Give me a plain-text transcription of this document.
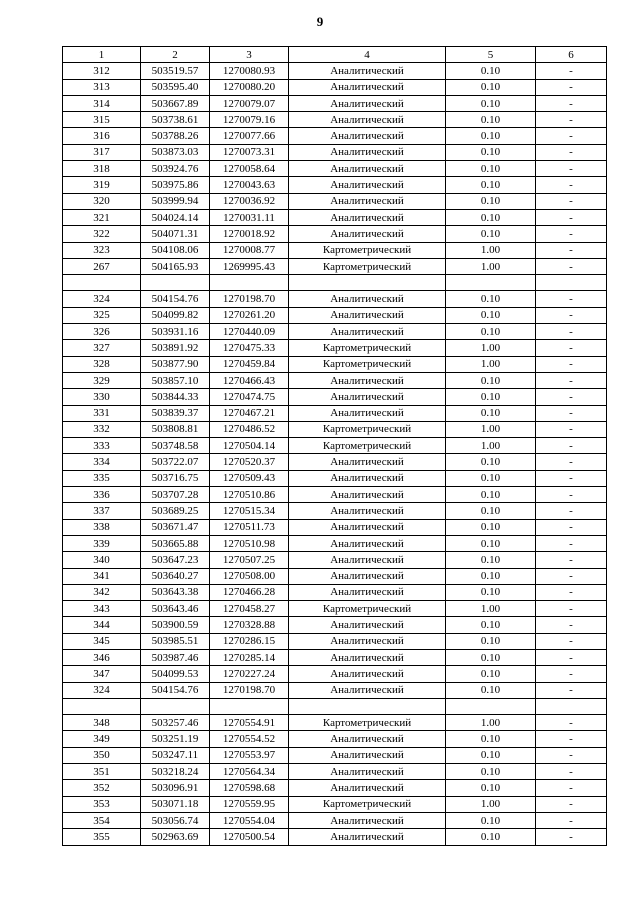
9
1	2	3	4	5	6
312	503519.57	1270080.93	Аналитический	0.10	-
313	503595.40	1270080.20	Аналитический	0.10	-
314	503667.89	1270079.07	Аналитический	0.10	-
315	503738.61	1270079.16	Аналитический	0.10	-
316	503788.26	1270077.66	Аналитический	0.10	-
317	503873.03	1270073.31	Аналитический	0.10	-
318	503924.76	1270058.64	Аналитический	0.10	-
319	503975.86	1270043.63	Аналитический	0.10	-
320	503999.94	1270036.92	Аналитический	0.10	-
321	504024.14	1270031.11	Аналитический	0.10	-
322	504071.31	1270018.92	Аналитический	0.10	-
323	504108.06	1270008.77	Картометрический	1.00	-
267	504165.93	1269995.43	Картометрический	1.00	-

324	504154.76	1270198.70	Аналитический	0.10	-
325	504099.82	1270261.20	Аналитический	0.10	-
326	503931.16	1270440.09	Аналитический	0.10	-
327	503891.92	1270475.33	Картометрический	1.00	-
328	503877.90	1270459.84	Картометрический	1.00	-
329	503857.10	1270466.43	Аналитический	0.10	-
330	503844.33	1270474.75	Аналитический	0.10	-
331	503839.37	1270467.21	Аналитический	0.10	-
332	503808.81	1270486.52	Картометрический	1.00	-
333	503748.58	1270504.14	Картометрический	1.00	-
334	503722.07	1270520.37	Аналитический	0.10	-
335	503716.75	1270509.43	Аналитический	0.10	-
336	503707.28	1270510.86	Аналитический	0.10	-
337	503689.25	1270515.34	Аналитический	0.10	-
338	503671.47	1270511.73	Аналитический	0.10	-
339	503665.88	1270510.98	Аналитический	0.10	-
340	503647.23	1270507.25	Аналитический	0.10	-
341	503640.27	1270508.00	Аналитический	0.10	-
342	503643.38	1270466.28	Аналитический	0.10	-
343	503643.46	1270458.27	Картометрический	1.00	-
344	503900.59	1270328.88	Аналитический	0.10	-
345	503985.51	1270286.15	Аналитический	0.10	-
346	503987.46	1270285.14	Аналитический	0.10	-
347	504099.53	1270227.24	Аналитический	0.10	-
324	504154.76	1270198.70	Аналитический	0.10	-

348	503257.46	1270554.91	Картометрический	1.00	-
349	503251.19	1270554.52	Аналитический	0.10	-
350	503247.11	1270553.97	Аналитический	0.10	-
351	503218.24	1270564.34	Аналитический	0.10	-
352	503096.91	1270598.68	Аналитический	0.10	-
353	503071.18	1270559.95	Картометрический	1.00	-
354	503056.74	1270554.04	Аналитический	0.10	-
355	502963.69	1270500.54	Аналитический	0.10	-
